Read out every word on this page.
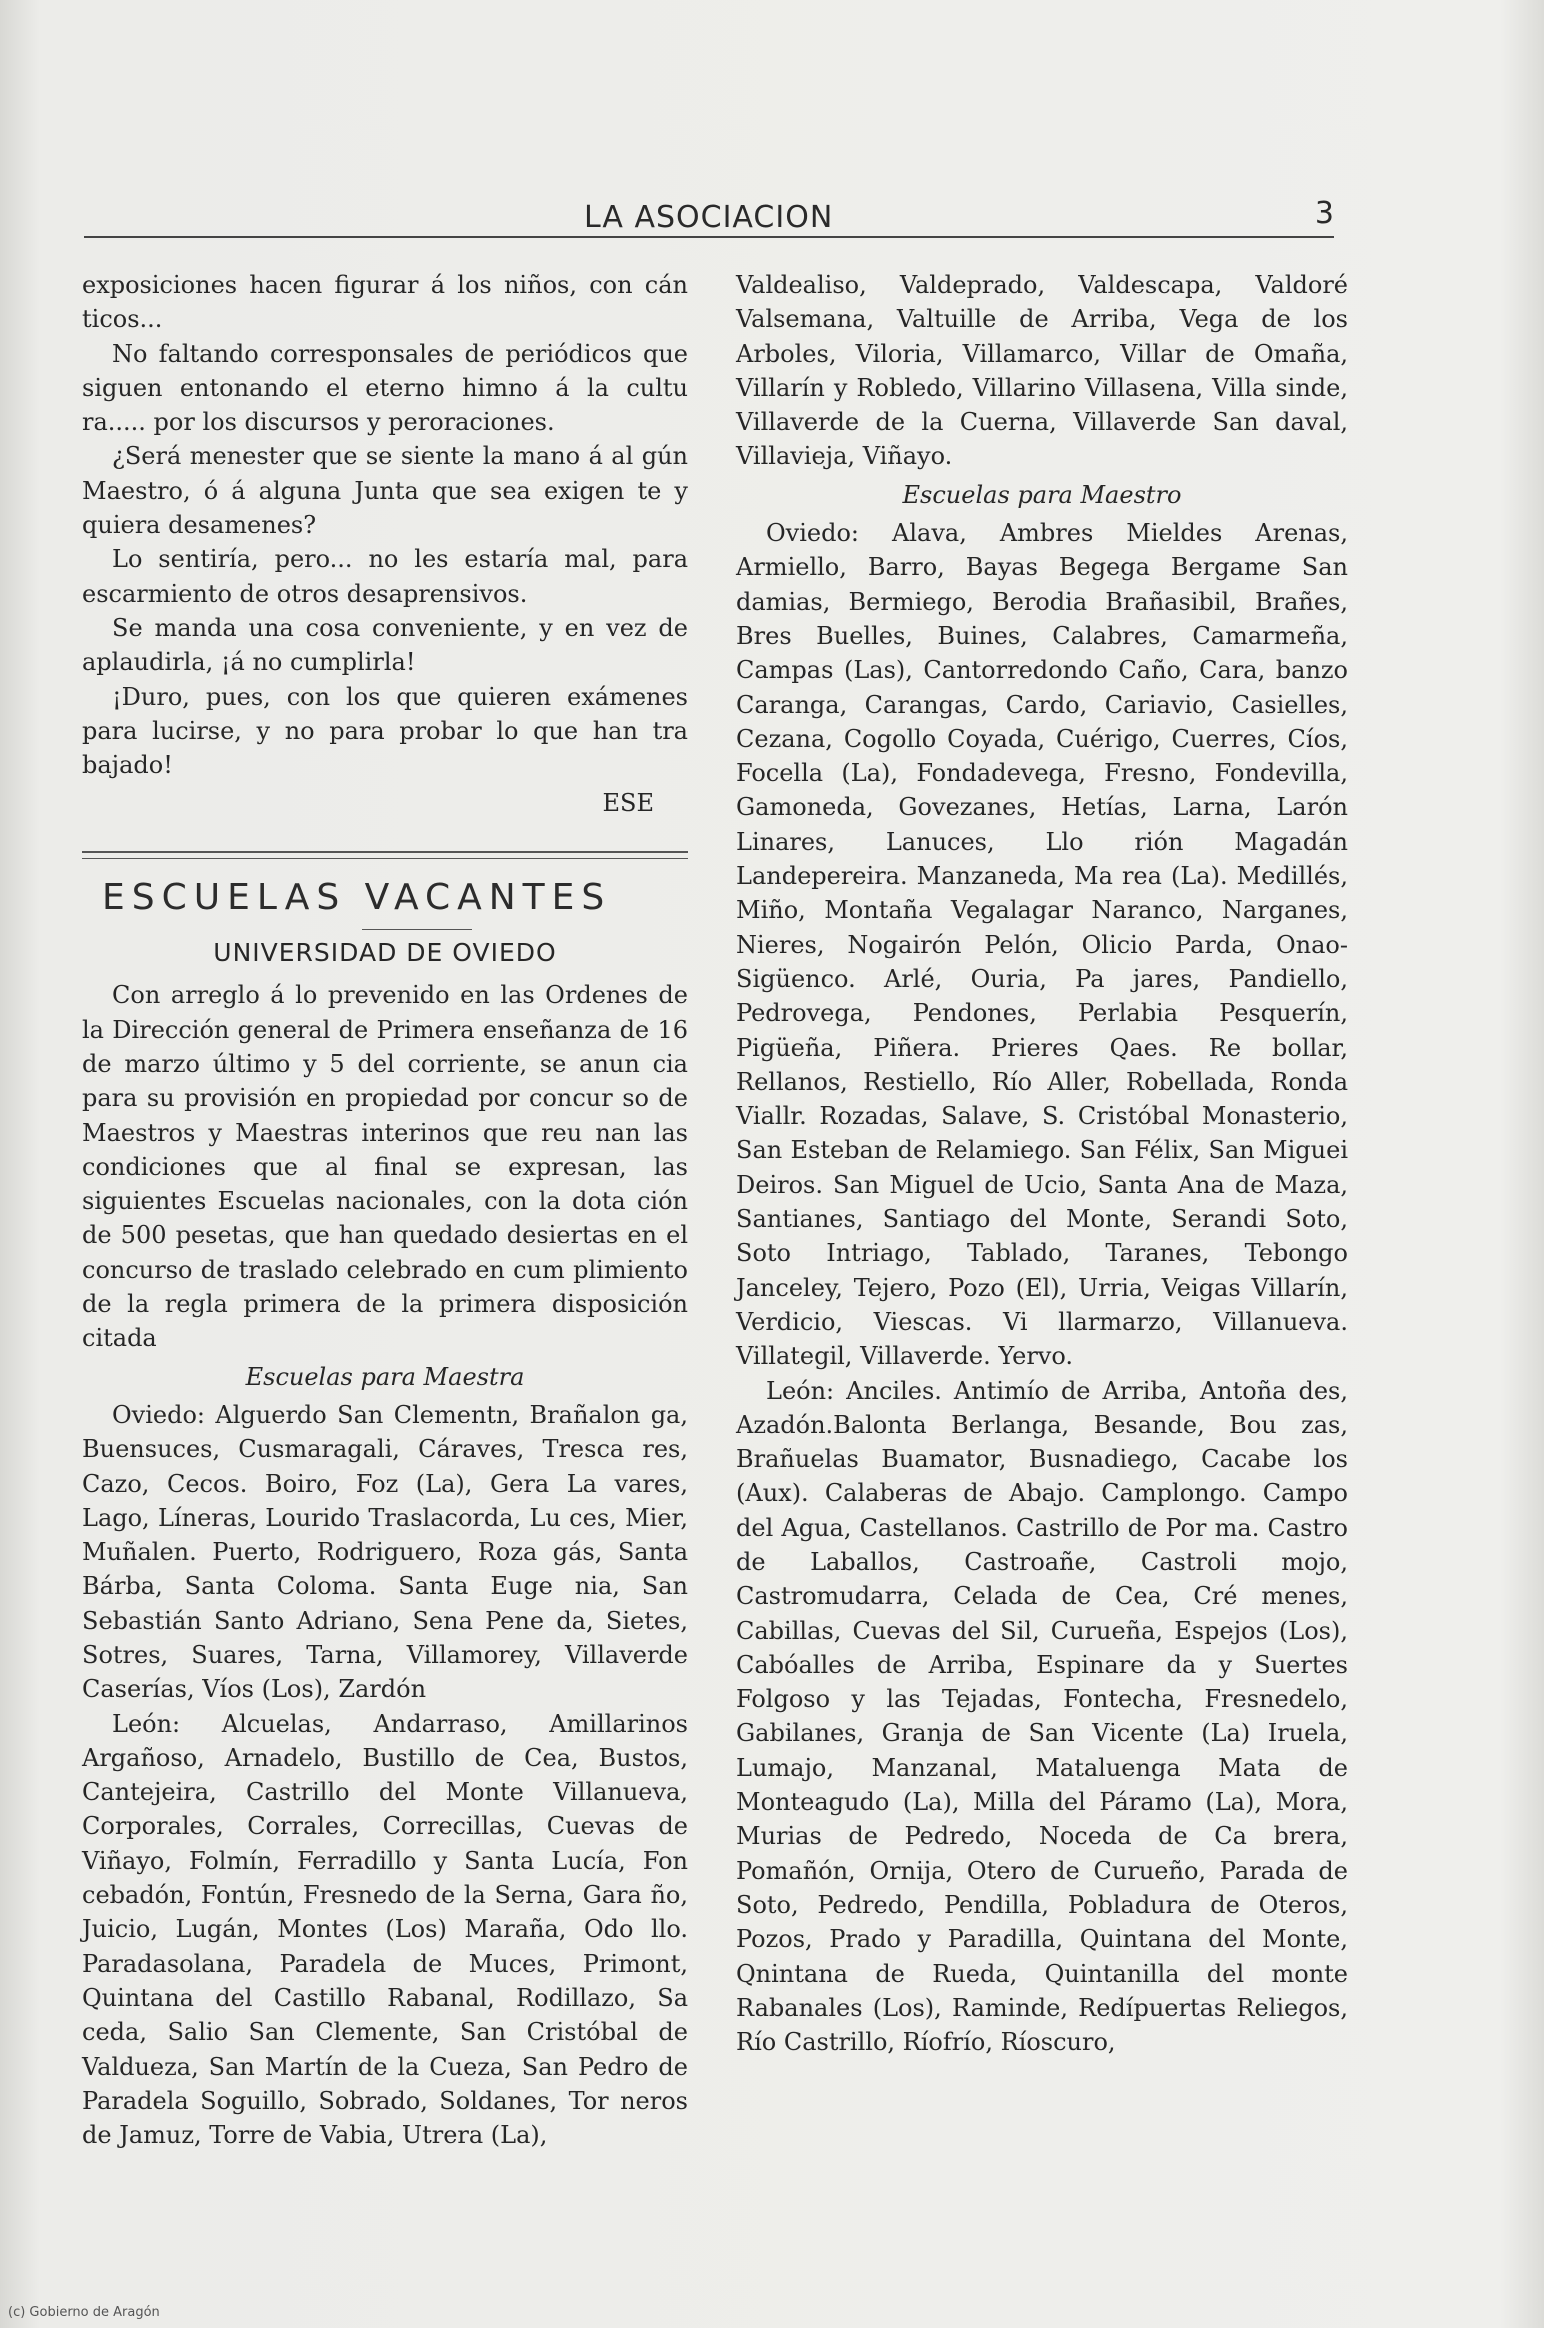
LA ASOCIACION	3

exposiciones hacen figurar á los niños, con cán ticos...

No faltando corresponsales de periódicos que siguen entonando el eterno himno á la cultu ra..... por los discursos y peroraciones.

¿Será menester que se siente la mano á al gún Maestro, ó á alguna Junta que sea exigen te y quiera desamenes?

Lo sentiría, pero... no les estaría mal, para escarmiento de otros desaprensivos.

Se manda una cosa conveniente, y en vez de aplaudirla, ¡á no cumplirla!

¡Duro, pues, con los que quieren exámenes para lucirse, y no para probar lo que han tra bajado!

ESE

ESCUELAS VACANTES

UNIVERSIDAD DE OVIEDO

Con arreglo á lo prevenido en las Ordenes de la Dirección general de Primera enseñanza de 16 de marzo último y 5 del corriente, se anun cia para su provisión en propiedad por concur so de Maestros y Maestras interinos que reu nan las condiciones que al final se expresan, las siguientes Escuelas nacionales, con la dota ción de 500 pesetas, que han quedado desiertas en el concurso de traslado celebrado en cum plimiento de la regla primera de la primera disposición citada

Escuelas para Maestra

Oviedo: Alguerdo San Clementn, Brañalon ga, Buensuces, Cusmaragali, Cáraves, Tresca res, Cazo, Cecos. Boiro, Foz (La), Gera La vares, Lago, Líneras, Lourido Traslacorda, Lu ces, Mier, Muñalen. Puerto, Rodriguero, Roza gás, Santa Bárba, Santa Coloma. Santa Euge nia, San Sebastián Santo Adriano, Sena Pene da, Sietes, Sotres, Suares, Tarna, Villamorey, Villaverde Caserías, Víos (Los), Zardón

León: Alcuelas, Andarraso, Amillarinos Argañoso, Arnadelo, Bustillo de Cea, Bustos, Cantejeira, Castrillo del Monte Villanueva, Corporales, Corrales, Correcillas, Cuevas de Viñayo, Folmín, Ferradillo y Santa Lucía, Fon cebadón, Fontún, Fresnedo de la Serna, Gara ño, Juicio, Lugán, Montes (Los) Maraña, Odo llo. Paradasolana, Paradela de Muces, Primont, Quintana del Castillo Rabanal, Rodillazo, Sa ceda, Salio San Clemente, San Cristóbal de Valdueza, San Martín de la Cueza, San Pedro de Paradela Soguillo, Sobrado, Soldanes, Tor neros de Jamuz, Torre de Vabia, Utrera (La),

Valdealiso, Valdeprado, Valdescapa, Valdoré Valsemana, Valtuille de Arriba, Vega de los Arboles, Viloria, Villamarco, Villar de Omaña, Villarín y Robledo, Villarino Villasena, Villa sinde, Villaverde de la Cuerna, Villaverde San daval, Villavieja, Viñayo.

Escuelas para Maestro

Oviedo: Alava, Ambres Mieldes Arenas, Armiello, Barro, Bayas Begega Bergame San damias, Bermiego, Berodia Brañasibil, Brañes, Bres Buelles, Buines, Calabres, Camarmeña, Campas (Las), Cantorredondo Caño, Cara, banzo Caranga, Carangas, Cardo, Cariavio, Casielles, Cezana, Cogollo Coyada, Cuérigo, Cuerres, Cíos, Focella (La), Fondadevega, Fresno, Fondevilla, Gamoneda, Govezanes, Hetías, Larna, Larón Linares, Lanuces, Llo rión Magadán Landepereira. Manzaneda, Ma rea (La). Medillés, Miño, Montaña Vegalagar Naranco, Narganes, Nieres, Nogairón Pelón, Olicio Parda, Onao-Sigüenco. Arlé, Ouria, Pa jares, Pandiello, Pedrovega, Pendones, Perlabia Pesquerín, Pigüeña, Piñera. Prieres Qaes. Re bollar, Rellanos, Restiello, Río Aller, Robellada, Ronda Viallr. Rozadas, Salave, S. Cristóbal Monasterio, San Esteban de Relamiego. San Félix, San Miguei Deiros. San Miguel de Ucio, Santa Ana de Maza, Santianes, Santiago del Monte, Serandi Soto, Soto Intriago, Tablado, Taranes, Tebongo Janceley, Tejero, Pozo (El), Urria, Veigas Villarín, Verdicio, Viescas. Vi llarmarzo, Villanueva. Villategil, Villaverde. Yervo.

León: Anciles. Antimío de Arriba, Antoña des, Azadón.Balonta Berlanga, Besande, Bou zas, Brañuelas Buamator, Busnadiego, Cacabe los (Aux). Calaberas de Abajo. Camplongo. Campo del Agua, Castellanos. Castrillo de Por ma. Castro de Laballos, Castroañe, Castroli mojo, Castromudarra, Celada de Cea, Cré menes, Cabillas, Cuevas del Sil, Curueña, Espejos (Los), Cabóalles de Arriba, Espinare da y Suertes Folgoso y las Tejadas, Fontecha, Fresnedelo, Gabilanes, Granja de San Vicente (La) Iruela, Lumajo, Manzanal, Mataluenga Mata de Monteagudo (La), Milla del Páramo (La), Mora, Murias de Pedredo, Noceda de Ca brera, Pomañón, Ornija, Otero de Curueño, Parada de Soto, Pedredo, Pendilla, Pobladura de Oteros, Pozos, Prado y Paradilla, Quintana del Monte, Qnintana de Rueda, Quintanilla del monte Rabanales (Los), Raminde, Redípuertas Reliegos, Río Castrillo, Ríofrío, Ríoscuro,

(c) Gobierno de Aragón
